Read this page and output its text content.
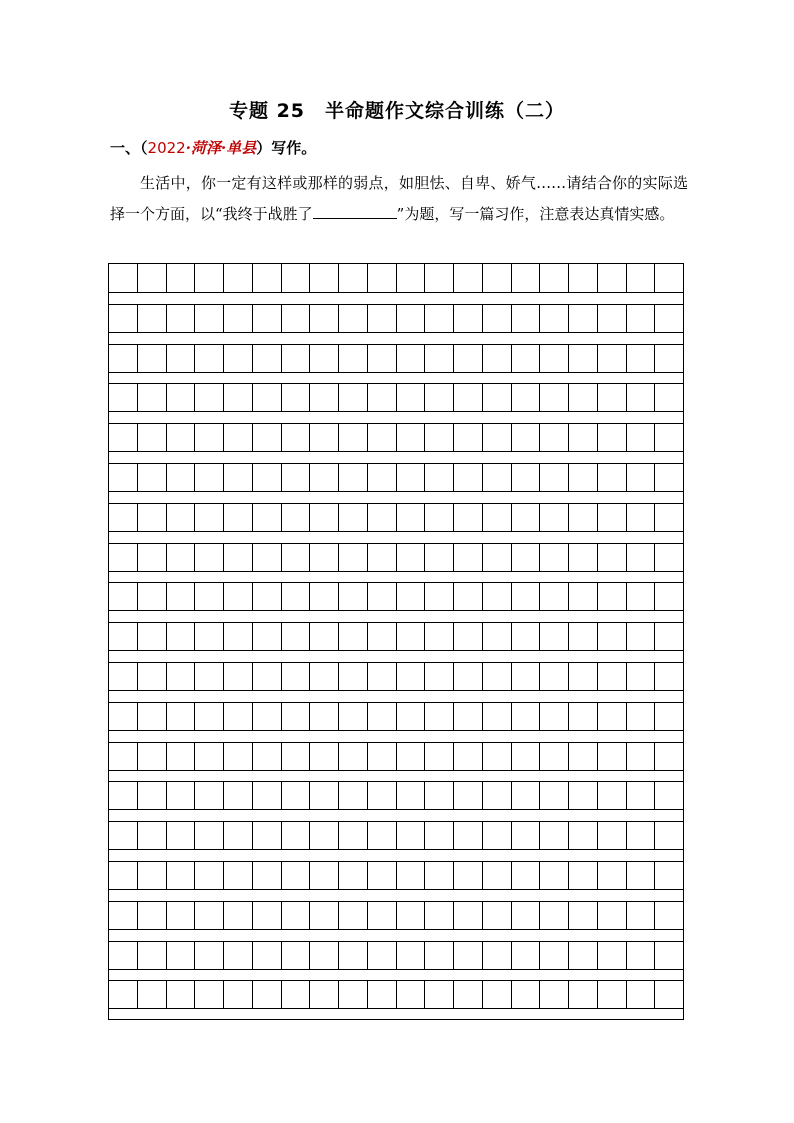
专题 25　半命题作文综合训练（二）
一、（2022·菏泽·单县）写作。
生活中，你一定有这样或那样的弱点，如胆怯、自卑、娇气……请结合你的实际选择一个方面，以“我终于战胜了	”为题，写一篇习作，注意表达真情实感。
